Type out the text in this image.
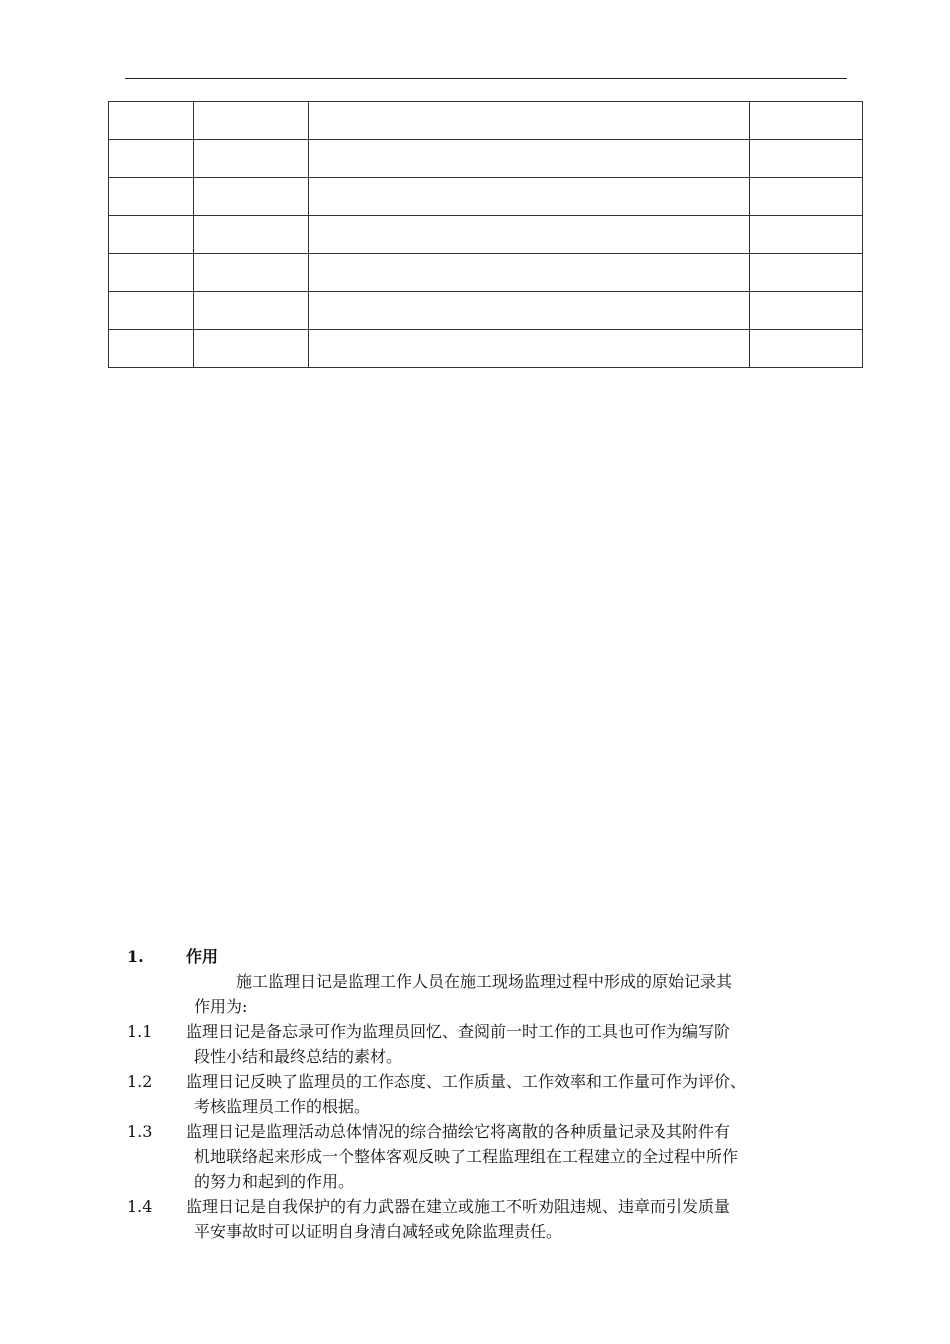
1.	作用
施工监理日记是监理工作人员在施工现场监理过程中形成的原始记录其
作用为:
1.1 监理日记是备忘录可作为监理员回忆、查阅前一时工作的工具也可作为编写阶
段性小结和最终总结的素材。
1.2 监理日记反映了监理员的工作态度、工作质量、工作效率和工作量可作为评价、
考核监理员工作的根据。
1.3 监理日记是监理活动总体情况的综合描绘它将离散的各种质量记录及其附件有
机地联络起来形成一个整体客观反映了工程监理组在工程建立的全过程中所作
的努力和起到的作用。
1.4 监理日记是自我保护的有力武器在建立或施工不听劝阻违规、违章而引发质量
平安事故时可以证明自身清白减轻或免除监理责任。
